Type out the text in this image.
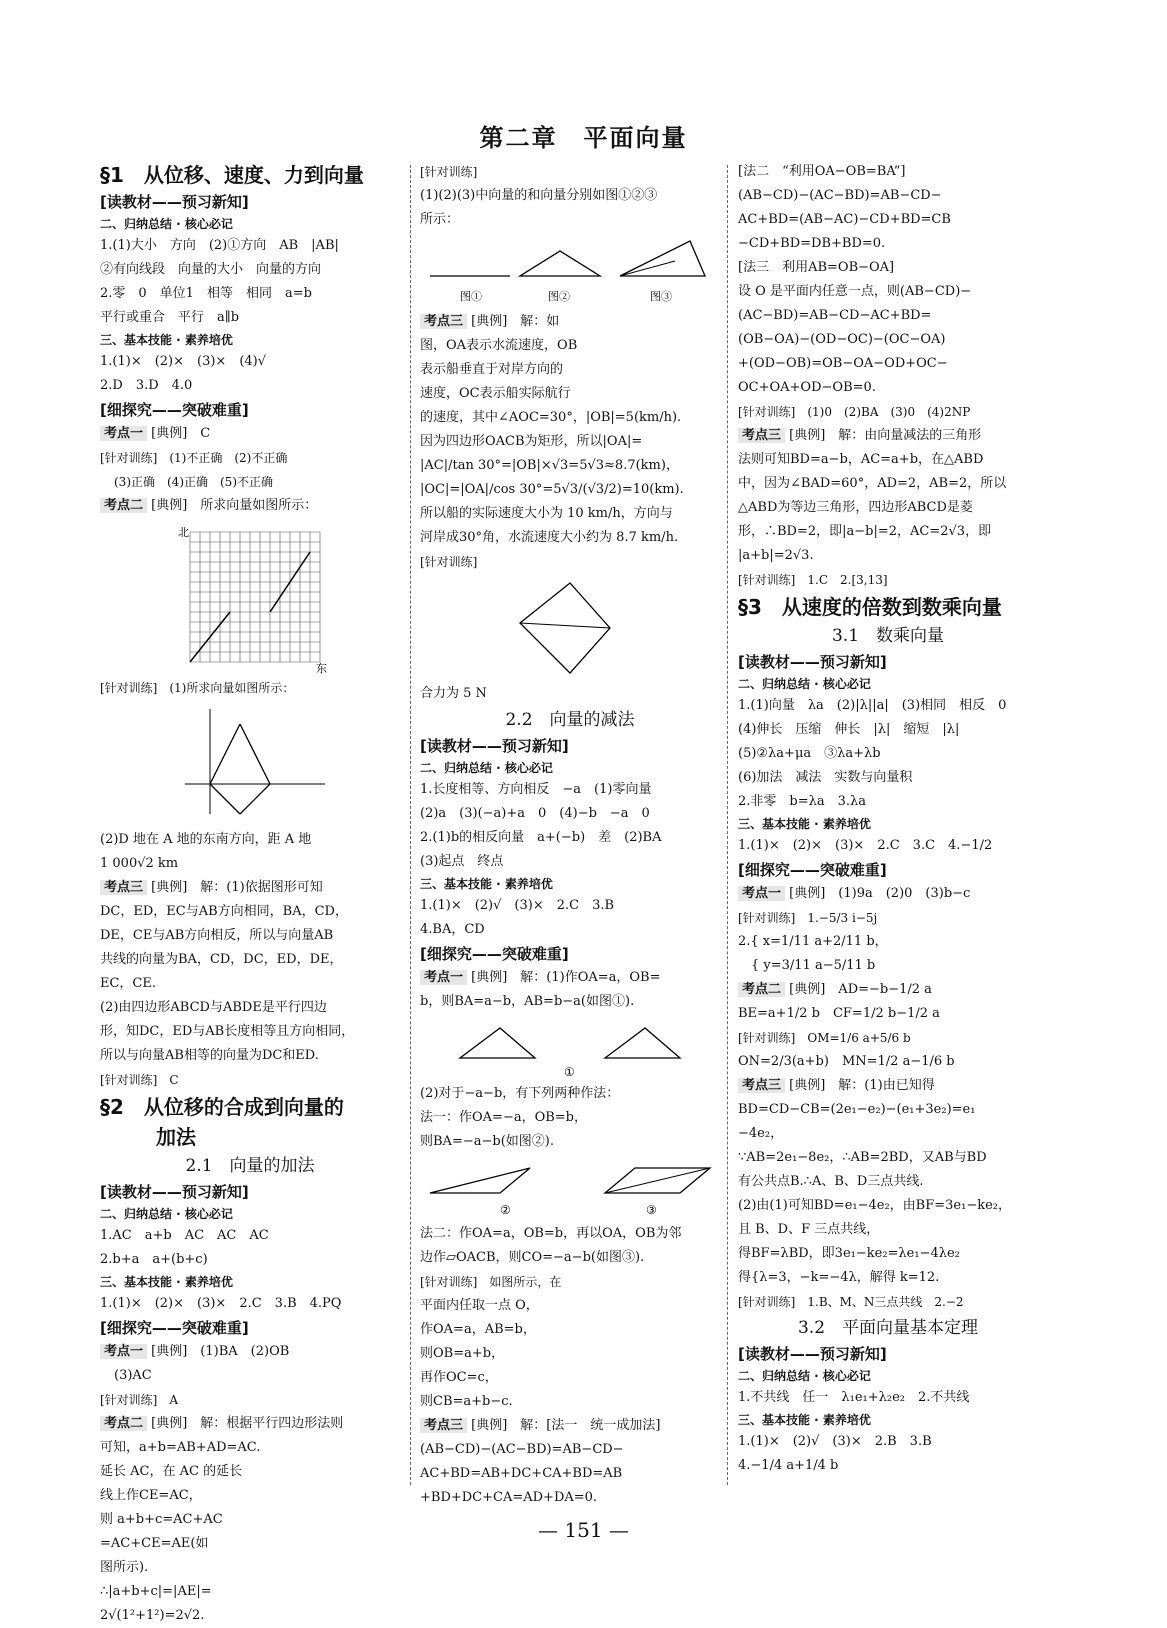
第二章　平面向量
§1　从位移、速度、力到向量
[读教材——预习新知]
二、归纳总结 · 核心必记
1.(1)大小　方向　(2)①方向　AB　|AB|
②有向线段　向量的大小　向量的方向
2.零　0　单位1　相等　相同　a=b
平行或重合　平行　a∥b
三、基本技能 · 素养培优
1.(1)×　(2)×　(3)×　(4)√
2.D　3.D　4.0
[细探究——突破难重]
考点一 [典例]　C
[针对训练]　(1)不正确　(2)不正确
(3)正确　(4)正确　(5)不正确
考点二 [典例]　所求向量如图所示：
北
东
[针对训练]　(1)所求向量如图所示：
(2)D 地在 A 地的东南方向，距 A 地
1 000√2 km
考点三 [典例]　解：(1)依据图形可知
DC，ED，EC与AB方向相同，BA，CD，
DE，CE与AB方向相反，所以与向量AB
共线的向量为BA，CD，DC，ED，DE，
EC，CE.
(2)由四边形ABCD与ABDE是平行四边
形，知DC，ED与AB长度相等且方向相同，
所以与向量AB相等的向量为DC和ED.
[针对训练]　C
§2　从位移的合成到向量的
加法
2.1　向量的加法
[读教材——预习新知]
二、归纳总结 · 核心必记
1.AC　a+b　AC　AC　AC
2.b+a　a+(b+c)
三、基本技能 · 素养培优
1.(1)×　(2)×　(3)×　2.C　3.B　4.PQ
[细探究——突破难重]
考点一 [典例]　(1)BA　(2)OB
(3)AC
[针对训练]　A
考点二 [典例]　解：根据平行四边形法则
可知，a+b=AB+AD=AC.
延长 AC，在 AC 的延长
线上作CE=AC，
则 a+b+c=AC+AC
=AC+CE=AE(如
图所示).
∴|a+b+c|=|AE|=
2√(1²+1²)=2√2.
[针对训练]
(1)(2)(3)中向量的和向量分别如图①②③
所示：
图①	图②	图③
考点三 [典例]　解：如
图，OA表示水流速度，OB
表示船垂直于对岸方向的
速度，OC表示船实际航行
的速度，其中∠AOC=30°，|OB|=5(km/h).
因为四边形OACB为矩形，所以|OA|=
|AC|/tan 30°=|OB|×√3=5√3≈8.7(km)，
|OC|=|OA|/cos 30°=5√3/(√3/2)=10(km).
所以船的实际速度大小为 10 km/h，方向与
河岸成30°角，水流速度大小约为 8.7 km/h.
[针对训练]
合力为 5 N
2.2　向量的减法
[读教材——预习新知]
二、归纳总结 · 核心必记
1.长度相等、方向相反　−a　(1)零向量
(2)a　(3)(−a)+a　0　(4)−b　−a　0
2.(1)b的相反向量　a+(−b)　差　(2)BA
(3)起点　终点
三、基本技能 · 素养培优
1.(1)×　(2)√　(3)×　2.C　3.B
4.BA，CD
[细探究——突破难重]
考点一 [典例]　解：(1)作OA=a，OB=
b，则BA=a−b，AB=b−a(如图①).
①
(2)对于−a−b，有下列两种作法：
法一：作OA=−a，OB=b，
则BA=−a−b(如图②).
②	③
法二：作OA=a，OB=b，再以OA，OB为邻
边作▱OACB，则CO=−a−b(如图③).
[针对训练]　如图所示，在
平面内任取一点 O，
作OA=a，AB=b，
则OB=a+b，
再作OC=c，
则CB=a+b−c.
考点三 [典例]　解：[法一　统一成加法]
(AB−CD)−(AC−BD)=AB−CD−
AC+BD=AB+DC+CA+BD=AB
+BD+DC+CA=AD+DA=0.
[法二　“利用OA−OB=BA”]
(AB−CD)−(AC−BD)=AB−CD−
AC+BD=(AB−AC)−CD+BD=CB
−CD+BD=DB+BD=0.
[法三　利用AB=OB−OA]
设 O 是平面内任意一点，则(AB−CD)−
(AC−BD)=AB−CD−AC+BD=
(OB−OA)−(OD−OC)−(OC−OA)
+(OD−OB)=OB−OA−OD+OC−
OC+OA+OD−OB=0.
[针对训练]　(1)0　(2)BA　(3)0　(4)2NP
考点三 [典例]　解：由向量减法的三角形
法则可知BD=a−b，AC=a+b，在△ABD
中，因为∠BAD=60°，AD=2，AB=2，所以
△ABD为等边三角形，四边形ABCD是菱
形，∴BD=2，即|a−b|=2，AC=2√3，即
|a+b|=2√3.
[针对训练]　1.C　2.[3,13]
§3　从速度的倍数到数乘向量
3.1　数乘向量
[读教材——预习新知]
二、归纳总结 · 核心必记
1.(1)向量　λa　(2)|λ||a|　(3)相同　相反　0
(4)伸长　压缩　伸长　|λ|　缩短　|λ|
(5)②λa+μa　③λa+λb
(6)加法　减法　实数与向量积
2.非零　b=λa　3.λa
三、基本技能 · 素养培优
1.(1)×　(2)×　(3)×　2.C　3.C　4.−1/2
[细探究——突破难重]
考点一 [典例]　(1)9a　(2)0　(3)b−c
[针对训练]　1.−5/3 i−5j
2.{ x=1/11 a+2/11 b，
　{ y=3/11 a−5/11 b
考点二 [典例]　AD=−b−1/2 a
BE=a+1/2 b　CF=1/2 b−1/2 a
[针对训练]　OM=1/6 a+5/6 b
ON=2/3(a+b)　MN=1/2 a−1/6 b
考点三 [典例]　解：(1)由已知得
BD=CD−CB=(2e₁−e₂)−(e₁+3e₂)=e₁
−4e₂，
∵AB=2e₁−8e₂，∴AB=2BD，又AB与BD
有公共点B.∴A、B、D三点共线.
(2)由(1)可知BD=e₁−4e₂，由BF=3e₁−ke₂，
且 B、D、F 三点共线，
得BF=λBD，即3e₁−ke₂=λe₁−4λe₂
得{λ=3，−k=−4λ，解得 k=12.
[针对训练]　1.B、M、N三点共线　2.−2
3.2　平面向量基本定理
[读教材——预习新知]
二、归纳总结 · 核心必记
1.不共线　任一　λ₁e₁+λ₂e₂　2.不共线
三、基本技能 · 素养培优
1.(1)×　(2)√　(3)×　2.B　3.B
4.−1/4 a+1/4 b
— 151 —
